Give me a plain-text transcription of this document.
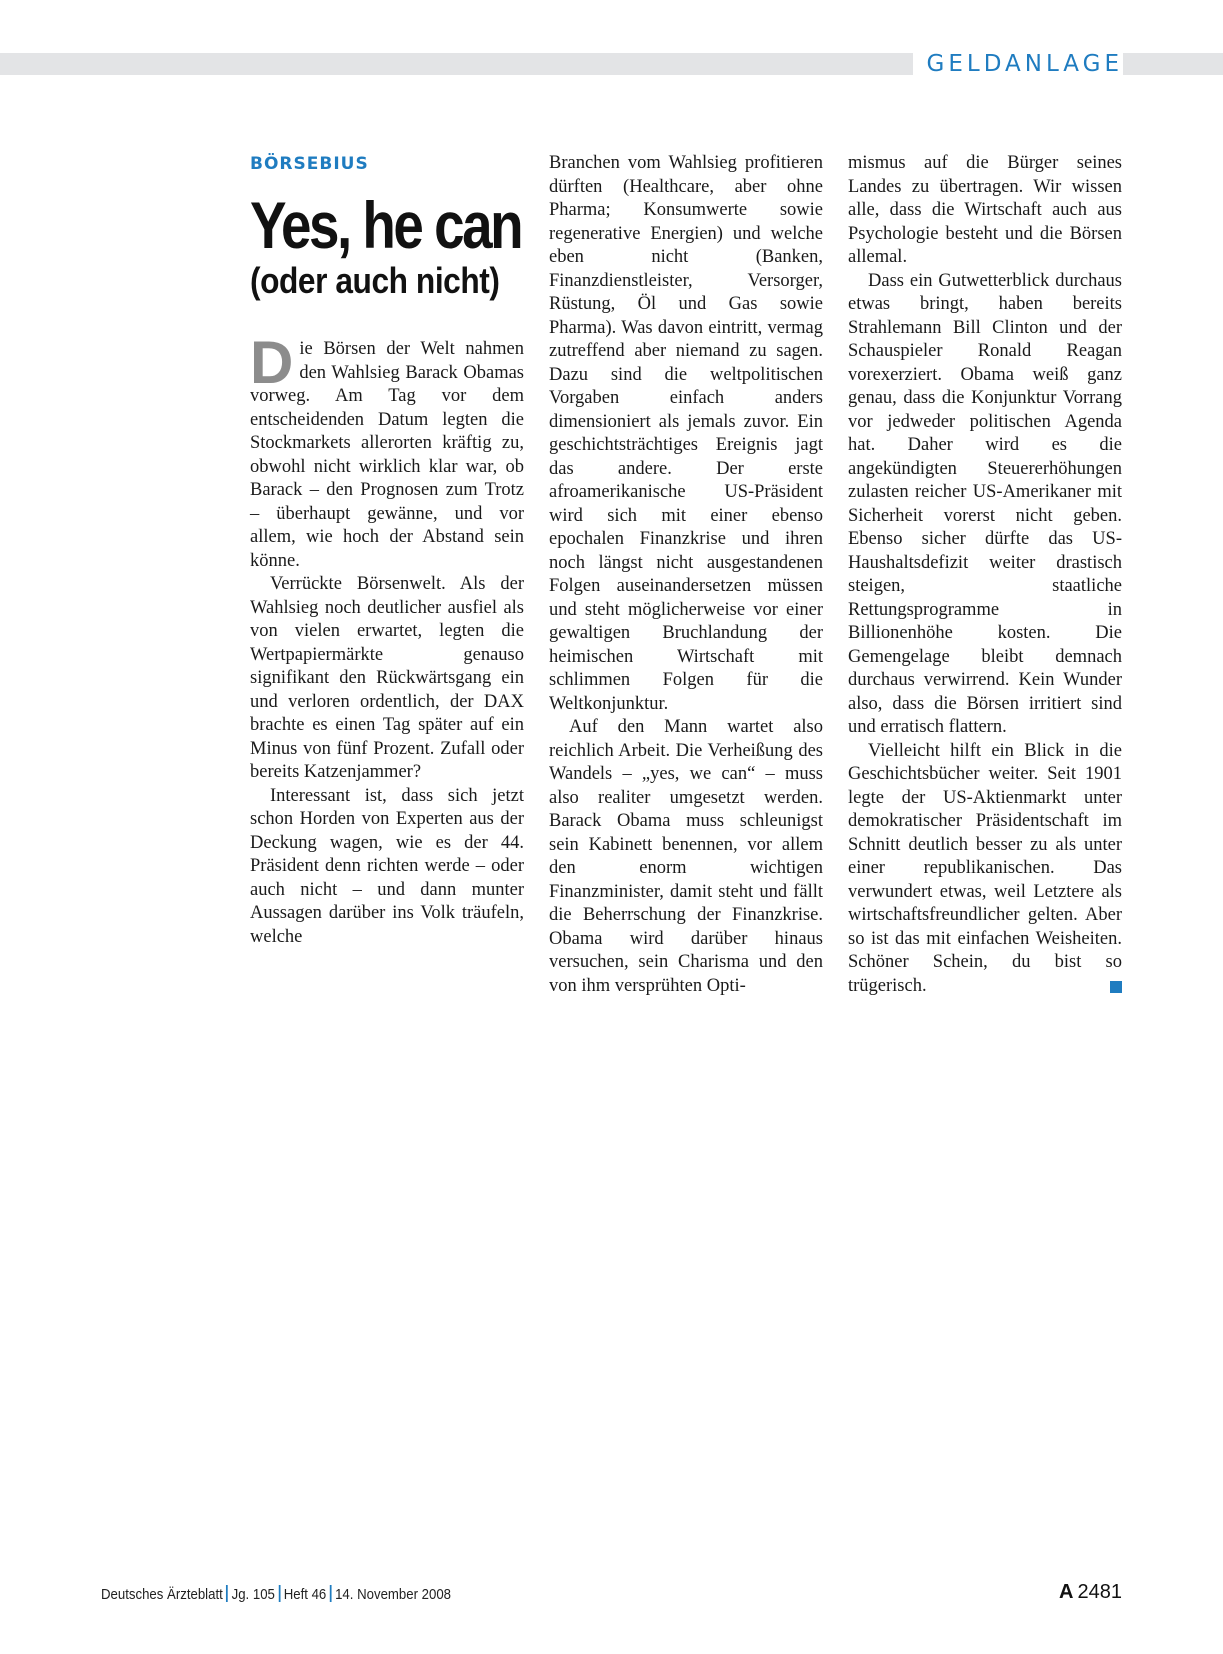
GELDANLAGE
BÖRSEBIUS
Yes, he can
(oder auch nicht)

Die Börsen der Welt nahmen den Wahlsieg Barack Obamas vorweg. Am Tag vor dem entscheidenden Datum legten die Stockmarkets allerorten kräftig zu, obwohl nicht wirklich klar war, ob Barack – den Prognosen zum Trotz – überhaupt gewänne, und vor allem, wie hoch der Abstand sein könne.

Verrückte Börsenwelt. Als der Wahlsieg noch deutlicher ausfiel als von vielen erwartet, legten die Wertpapiermärkte genauso signifikant den Rückwärtsgang ein und verloren ordentlich, der DAX brachte es einen Tag später auf ein Minus von fünf Prozent. Zufall oder bereits Katzenjammer?

Interessant ist, dass sich jetzt schon Horden von Experten aus der Deckung wagen, wie es der 44. Präsident denn richten werde – oder auch nicht – und dann munter Aussagen darüber ins Volk träufeln, welche

Branchen vom Wahlsieg profitieren dürften (Healthcare, aber ohne Pharma; Konsumwerte sowie regenerative Energien) und welche eben nicht (Banken, Finanzdienstleister, Versorger, Rüstung, Öl und Gas sowie Pharma). Was davon eintritt, vermag zutreffend aber niemand zu sagen. Dazu sind die weltpolitischen Vorgaben einfach anders dimensioniert als jemals zuvor. Ein geschichtsträchtiges Ereignis jagt das andere. Der erste afroamerikanische US-Präsident wird sich mit einer ebenso epochalen Finanzkrise und ihren noch längst nicht ausgestandenen Folgen auseinandersetzen müssen und steht möglicherweise vor einer gewaltigen Bruchlandung der heimischen Wirtschaft mit schlimmen Folgen für die Weltkonjunktur.

Auf den Mann wartet also reichlich Arbeit. Die Verheißung des Wandels – „yes, we can“ – muss also realiter umgesetzt werden. Barack Obama muss schleunigst sein Kabinett benennen, vor allem den enorm wichtigen Finanzminister, damit steht und fällt die Beherrschung der Finanzkrise. Obama wird darüber hinaus versuchen, sein Charisma und den von ihm versprühten Opti-

mismus auf die Bürger seines Landes zu übertragen. Wir wissen alle, dass die Wirtschaft auch aus Psychologie besteht und die Börsen allemal.

Dass ein Gutwetterblick durchaus etwas bringt, haben bereits Strahlemann Bill Clinton und der Schauspieler Ronald Reagan vorexerziert. Obama weiß ganz genau, dass die Konjunktur Vorrang vor jedweder politischen Agenda hat. Daher wird es die angekündigten Steuererhöhungen zulasten reicher US-Amerikaner mit Sicherheit vorerst nicht geben. Ebenso sicher dürfte das US-Haushaltsdefizit weiter drastisch steigen, staatliche Rettungsprogramme in Billionenhöhe kosten. Die Gemengelage bleibt demnach durchaus verwirrend. Kein Wunder also, dass die Börsen irritiert sind und erratisch flattern.

Vielleicht hilft ein Blick in die Geschichtsbücher weiter. Seit 1901 legte der US-Aktienmarkt unter demokratischer Präsidentschaft im Schnitt deutlich besser zu als unter einer republikanischen. Das verwundert etwas, weil Letztere als wirtschaftsfreundlicher gelten. Aber so ist das mit einfachen Weisheiten. Schöner Schein, du bist so trügerisch.

Deutsches Ärzteblatt Jg. 105 Heft 46 14. November 2008	A 2481
